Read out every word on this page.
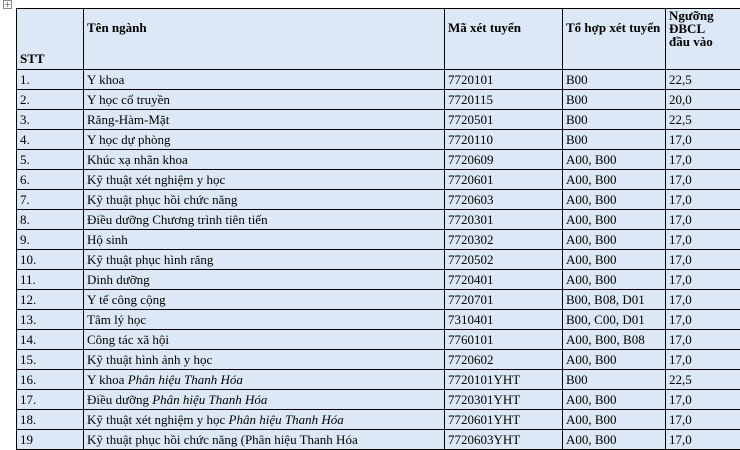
+
STT	Tên ngành	Mã xét tuyển	Tổ hợp xét tuyển	Ngưỡng
ĐBCL
đầu vào

1.	Y khoa	7720101	B00	22,5
2.	Y học cổ truyền	7720115	B00	20,0
3.	Răng-Hàm-Mặt	7720501	B00	22,5
4.	Y học dự phòng	7720110	B00	17,0
5.	Khúc xạ nhãn khoa	7720609	A00, B00	17,0
6.	Kỹ thuật xét nghiệm y học	7720601	A00, B00	17,0
7.	Kỹ thuật phục hồi chức năng	7720603	A00, B00	17,0
8.	Điều dưỡng Chương trình tiên tiến	7720301	A00, B00	17,0
9.	Hộ sinh	7720302	A00, B00	17,0
10.	Kỹ thuật phục hình răng	7720502	A00, B00	17,0
11.	Dinh dưỡng	7720401	A00, B00	17,0
12.	Y tế công cộng	7720701	B00, B08, D01	17,0
13.	Tâm lý học	7310401	B00, C00, D01	17,0
14.	Công tác xã hội	7760101	A00, B00, B08	17,0
15.	Kỹ thuật hình ảnh y học	7720602	A00, B00	17,0
16.	Y khoa Phân hiệu Thanh Hóa	7720101YHT	B00	22,5
17.	Điều dưỡng Phân hiệu Thanh Hóa	7720301YHT	A00, B00	17,0
18.	Kỹ thuật xét nghiệm y học Phân hiệu Thanh Hóa	7720601YHT	A00, B00	17,0
19	Kỹ thuật phục hồi chức năng (Phân hiệu Thanh Hóa	7720603YHT	A00, B00	17,0
